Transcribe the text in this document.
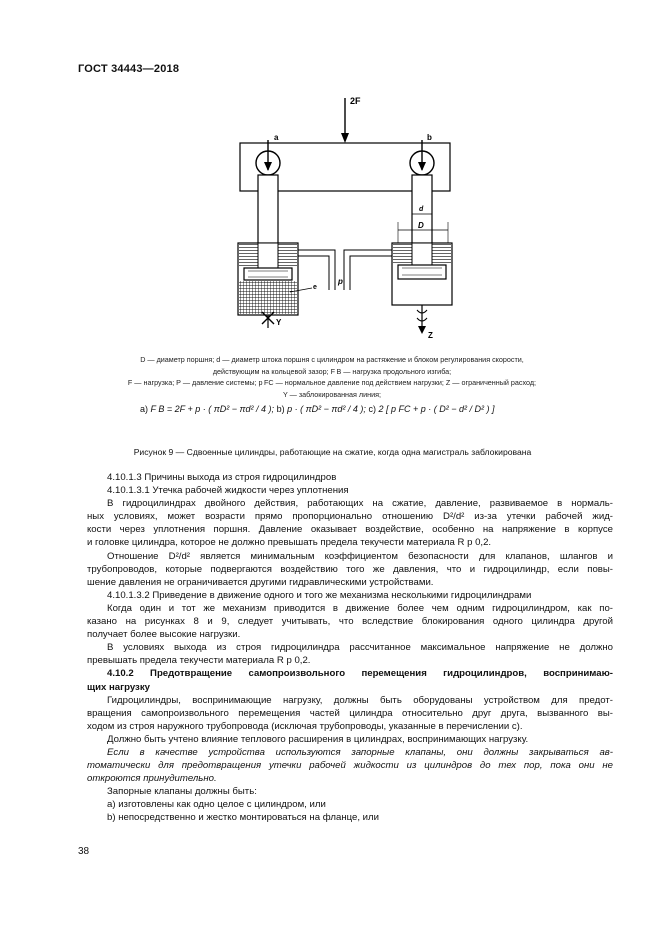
ГОСТ 34443—2018
2F
a	b
d
D
e
Y
p
Z
D — диаметр поршня; d — диаметр штока поршня с цилиндром на растяжение и блоком регулирования скорости,
действующим на кольцевой зазор; F B — нагрузка продольного изгиба;
F — нагрузка; P — давление системы; p FC — нормальное давление под действием нагрузки; Z — ограниченный расход;
Y — заблокированная линия;
a) F B = 2F + p · ( πD² − πd² / 4 ); b) p · ( πD² − πd² / 4 ); c) 2 [ p FC + p · ( D² − d² / D² ) ]
Рисунок 9 — Сдвоенные цилиндры, работающие на сжатие, когда одна магистраль заблокирована
4.10.1.3 Причины выхода из строя гидроцилиндров
4.10.1.3.1 Утечка рабочей жидкости через уплотнения
В гидроцилиндрах двойного действия, работающих на сжатие, давление, развиваемое в нормаль-
ных условиях, может возрасти прямо пропорционально отношению D²/d² из-за утечки рабочей жид-
кости через уплотнения поршня. Давление оказывает воздействие, особенно на напряжение в корпусе
и головке цилиндра, которое не должно превышать предела текучести материала R p 0,2.
Отношение D²/d² является минимальным коэффициентом безопасности для клапанов, шлангов и
трубопроводов, которые подвергаются воздействию того же давления, что и гидроцилиндр, если повы-
шение давления не ограничивается другими гидравлическими устройствами.
4.10.1.3.2 Приведение в движение одного и того же механизма несколькими гидроцилиндрами
Когда один и тот же механизм приводится в движение более чем одним гидроцилиндром, как по-
казано на рисунках 8 и 9, следует учитывать, что вследствие блокирования одного цилиндра другой
получает более высокие нагрузки.
В условиях выхода из строя гидроцилиндра рассчитанное максимальное напряжение не должно
превышать предела текучести материала R p 0,2.
4.10.2 Предотвращение самопроизвольного перемещения гидроцилиндров, воспринимаю-
щих нагрузку
Гидроцилиндры, воспринимающие нагрузку, должны быть оборудованы устройством для предот-
вращения самопроизвольного перемещения частей цилиндра относительно друг друга, вызванного вы-
ходом из строя наружного трубопровода (исключая трубопроводы, указанные в перечислении с).
Должно быть учтено влияние теплового расширения в цилиндрах, воспринимающих нагрузку.
Если в качестве устройства используются запорные клапаны, они должны закрываться ав-
томатически для предотвращения утечки рабочей жидкости из цилиндров до тех пор, пока они не
откроются принудительно.
Запорные клапаны должны быть:
а) изготовлены как одно целое с цилиндром, или
b) непосредственно и жестко монтироваться на фланце, или
38
